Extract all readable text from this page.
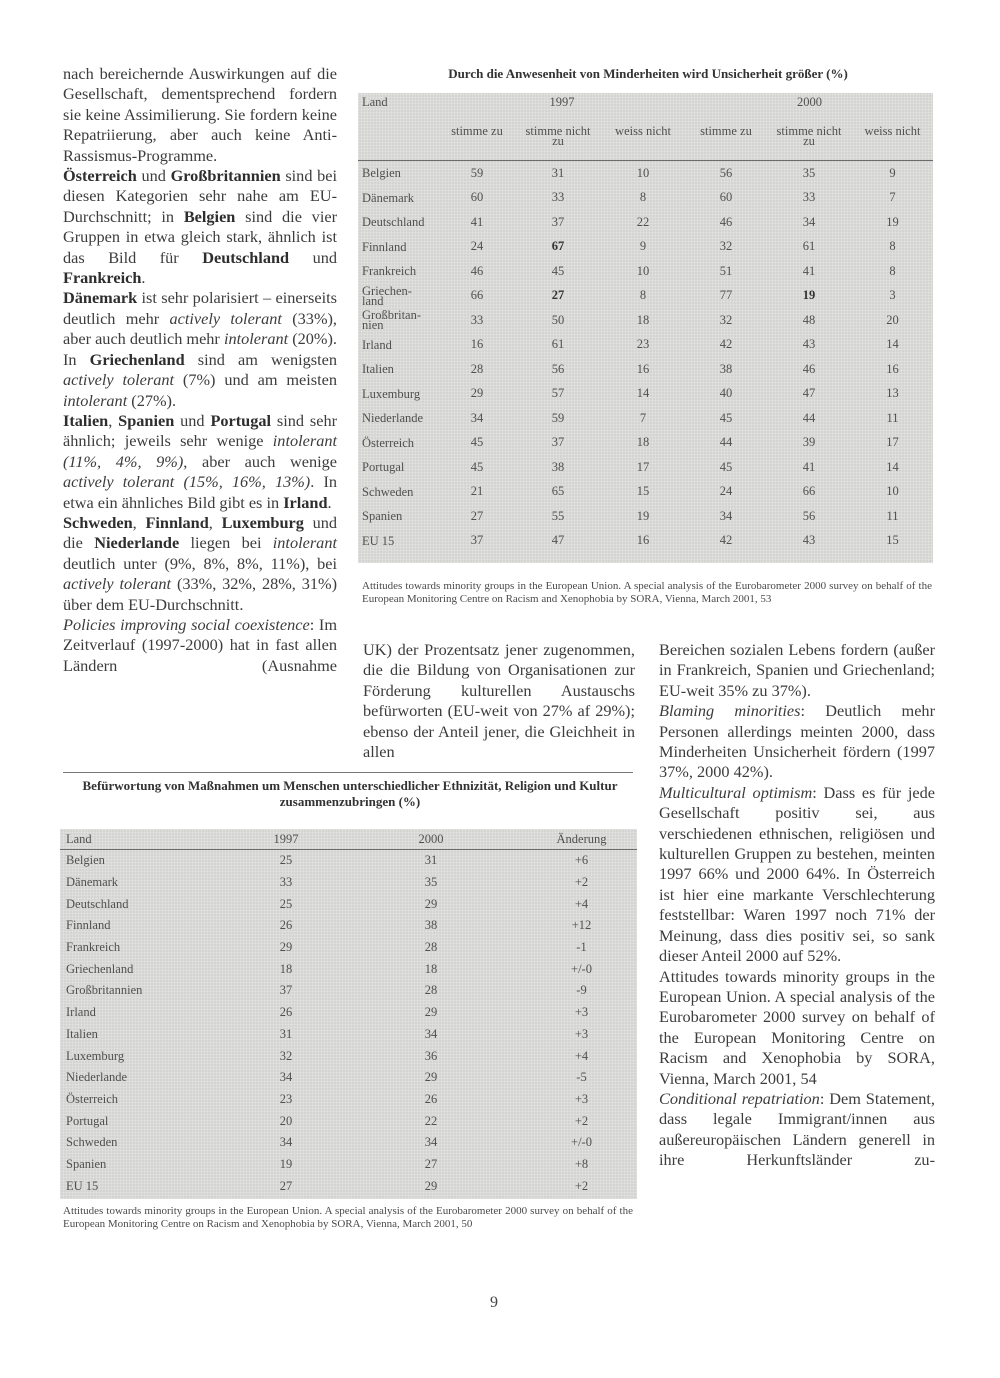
nach bereichernde Auswirkungen auf die Gesellschaft, dementsprechend fordern sie keine Assimilierung. Sie fordern keine Repatriierung, aber auch keine Anti-Rassismus-Programme.

Österreich und Großbritannien sind bei diesen Kategorien sehr nahe am EU-Durchschnitt; in Belgien sind die vier Gruppen in etwa gleich stark, ähnlich ist das Bild für Deutschland und Frankreich.

Dänemark ist sehr polarisiert – einerseits deutlich mehr actively tolerant (33%), aber auch deutlich mehr intolerant (20%).

In Griechenland sind am wenigsten actively tolerant (7%) und am meisten intolerant (27%).

Italien, Spanien und Portugal sind sehr ähnlich; jeweils sehr wenige intolerant (11%, 4%, 9%), aber auch wenige actively tolerant (15%, 16%, 13%). In etwa ein ähnliches Bild gibt es in Irland.

Schweden, Finnland, Luxemburg und die Niederlande liegen bei intolerant deutlich unter (9%, 8%, 8%, 11%), bei actively tolerant (33%, 32%, 28%, 31%) über dem EU-Durchschnitt.

Policies improving social coexistence: Im Zeitverlauf (1997-2000) hat in fast allen Ländern (Ausnahme

Durch die Anwesenheit von Minderheiten wird Unsicherheit größer (%)
Land	1997			2000		
	stimme zu	stimme nicht
zu	weiss nicht	stimme zu	stimme nicht
zu	weiss nicht
Belgien	59	31	10	56	35	9
Dänemark	60	33	8	60	33	7
Deutschland	41	37	22	46	34	19
Finnland	24	67	9	32	61	8
Frankreich	46	45	10	51	41	8
Griechen-
land	66	27	8	77	19	3
Großbritan-
nien	33	50	18	32	48	20
Irland	16	61	23	42	43	14
Italien	28	56	16	38	46	16
Luxemburg	29	57	14	40	47	13
Niederlande	34	59	7	45	44	11
Österreich	45	37	18	44	39	17
Portugal	45	38	17	45	41	14
Schweden	21	65	15	24	66	10
Spanien	27	55	19	34	56	11
EU 15	37	47	16	42	43	15
Attitudes towards minority groups in the European Union. A special analysis of the Eurobarometer 2000 survey on behalf of the European Monitoring Centre on Racism and Xenophobia by SORA, Vienna, March 2001, 53

UK) der Prozentsatz jener zugenommen, die die Bildung von Organisationen zur Förderung kulturellen Austauschs befürworten (EU-weit von 27% af 29%); ebenso der Anteil jener, die Gleichheit in allen

Bereichen sozialen Lebens fordern (außer in Frankreich, Spanien und Griechenland; EU-weit 35% zu 37%).

Blaming minorities: Deutlich mehr Personen allerdings meinten 2000, dass Minderheiten Unsicherheit fördern (1997 37%, 2000 42%).

Multicultural optimism: Dass es für jede Gesellschaft positiv sei, aus verschiedenen ethnischen, religiösen und kulturellen Gruppen zu bestehen, meinten 1997 66% und 2000 64%. In Österreich ist hier eine markante Verschlechterung feststellbar: Waren 1997 noch 71% der Meinung, dass dies positiv sei, so sank dieser Anteil 2000 auf 52%.

Attitudes towards minority groups in the European Union. A special analysis of the Eurobarometer 2000 survey on behalf of the European Monitoring Centre on Racism and Xenophobia by SORA, Vienna, March 2001, 54

Conditional repatriation: Dem Statement, dass legale Immigrant/innen aus außereuropäischen Ländern generell in ihre Herkunftsländer zu-

Befürwortung von Maßnahmen um Menschen unterschiedlicher Ethnizität, Religion und Kultur zusammenzubringen (%)
Land	1997	2000	Änderung
Belgien	25	31	+6
Dänemark	33	35	+2
Deutschland	25	29	+4
Finnland	26	38	+12
Frankreich	29	28	-1
Griechenland	18	18	+/-0
Großbritannien	37	28	-9
Irland	26	29	+3
Italien	31	34	+3
Luxemburg	32	36	+4
Niederlande	34	29	-5
Österreich	23	26	+3
Portugal	20	22	+2
Schweden	34	34	+/-0
Spanien	19	27	+8
EU 15	27	29	+2
Attitudes towards minority groups in the European Union. A special analysis of the Eurobarometer 2000 survey on behalf of the European Monitoring Centre on Racism and Xenophobia by SORA, Vienna, March 2001, 50
9
